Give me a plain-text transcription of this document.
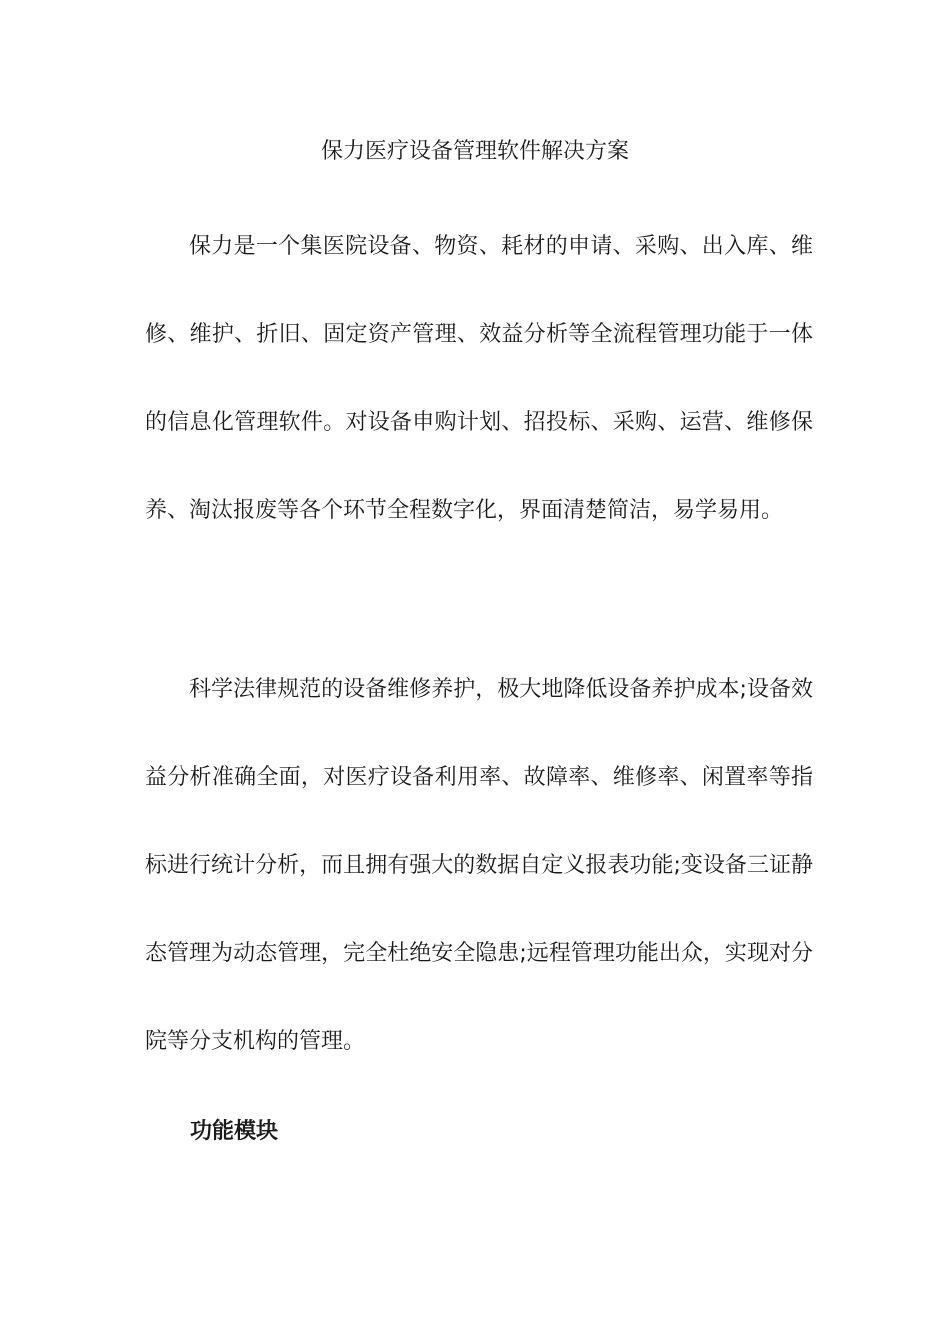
保力医疗设备管理软件解决方案

保力是一个集医院设备、物资、耗材的申请、采购、出入库、维修、维护、折旧、固定资产管理、效益分析等全流程管理功能于一体的信息化管理软件。对设备申购计划、招投标、采购、运营、维修保养、淘汰报废等各个环节全程数字化，界面清楚简洁，易学易用。

科学法律规范的设备维修养护，极大地降低设备养护成本;设备效益分析准确全面，对医疗设备利用率、故障率、维修率、闲置率等指标进行统计分析，而且拥有强大的数据自定义报表功能;变设备三证静态管理为动态管理，完全杜绝安全隐患;远程管理功能出众，实现对分院等分支机构的管理。

功能模块
